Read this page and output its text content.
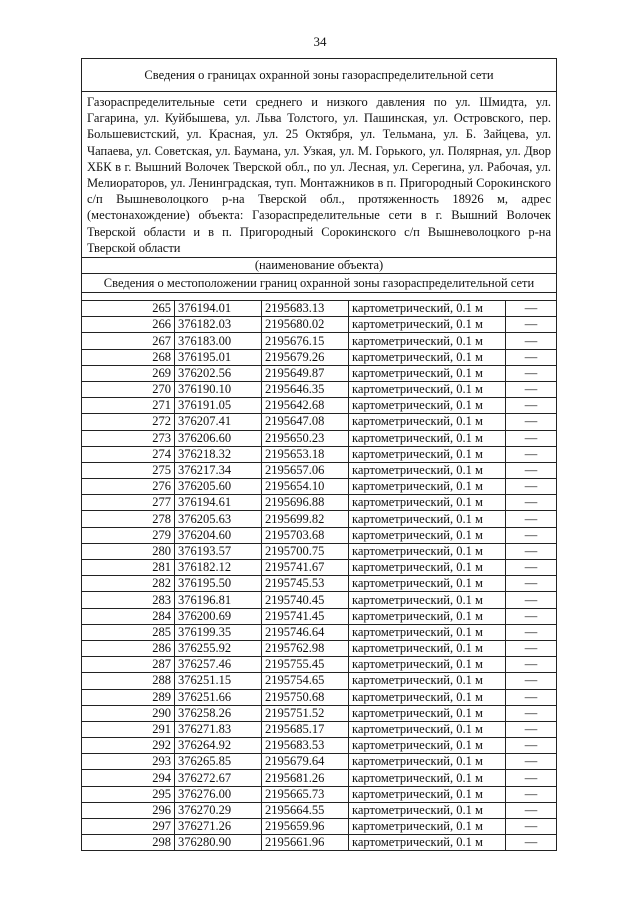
34
Сведения о границах охранной зоны газораспределительной сети
Газораспределительные сети среднего и низкого давления по ул. Шмидта, ул. Гагарина, ул. Куйбышева, ул. Льва Толстого, ул. Пашинская, ул. Островского, пер. Большевистский, ул. Красная, ул. 25 Октября, ул. Тельмана, ул. Б. Зайцева, ул. Чапаева, ул. Советская, ул. Баумана, ул. Узкая, ул. М. Горького, ул. Полярная, ул. Двор ХБК в г. Вышний Волочек Тверской обл., по ул. Лесная, ул. Серегина, ул. Рабочая, ул. Мелиораторов, ул. Ленинградская, туп. Монтажников в п. Пригородный Сорокинского с/п Вышневолоцкого р-на Тверской обл., протяженность 18926 м, адрес (местонахождение) объекта: Газораспределительные сети в г. Вышний Волочек Тверской области и в п. Пригородный Сорокинского с/п Вышневолоцкого р-на Тверской области
(наименование объекта)
Сведения о местоположении границ охранной зоны газораспределительной сети
265	376194.01	2195683.13	картометрический, 0.1 м	—
266	376182.03	2195680.02	картометрический, 0.1 м	—
267	376183.00	2195676.15	картометрический, 0.1 м	—
268	376195.01	2195679.26	картометрический, 0.1 м	—
269	376202.56	2195649.87	картометрический, 0.1 м	—
270	376190.10	2195646.35	картометрический, 0.1 м	—
271	376191.05	2195642.68	картометрический, 0.1 м	—
272	376207.41	2195647.08	картометрический, 0.1 м	—
273	376206.60	2195650.23	картометрический, 0.1 м	—
274	376218.32	2195653.18	картометрический, 0.1 м	—
275	376217.34	2195657.06	картометрический, 0.1 м	—
276	376205.60	2195654.10	картометрический, 0.1 м	—
277	376194.61	2195696.88	картометрический, 0.1 м	—
278	376205.63	2195699.82	картометрический, 0.1 м	—
279	376204.60	2195703.68	картометрический, 0.1 м	—
280	376193.57	2195700.75	картометрический, 0.1 м	—
281	376182.12	2195741.67	картометрический, 0.1 м	—
282	376195.50	2195745.53	картометрический, 0.1 м	—
283	376196.81	2195740.45	картометрический, 0.1 м	—
284	376200.69	2195741.45	картометрический, 0.1 м	—
285	376199.35	2195746.64	картометрический, 0.1 м	—
286	376255.92	2195762.98	картометрический, 0.1 м	—
287	376257.46	2195755.45	картометрический, 0.1 м	—
288	376251.15	2195754.65	картометрический, 0.1 м	—
289	376251.66	2195750.68	картометрический, 0.1 м	—
290	376258.26	2195751.52	картометрический, 0.1 м	—
291	376271.83	2195685.17	картометрический, 0.1 м	—
292	376264.92	2195683.53	картометрический, 0.1 м	—
293	376265.85	2195679.64	картометрический, 0.1 м	—
294	376272.67	2195681.26	картометрический, 0.1 м	—
295	376276.00	2195665.73	картометрический, 0.1 м	—
296	376270.29	2195664.55	картометрический, 0.1 м	—
297	376271.26	2195659.96	картометрический, 0.1 м	—
298	376280.90	2195661.96	картометрический, 0.1 м	—
